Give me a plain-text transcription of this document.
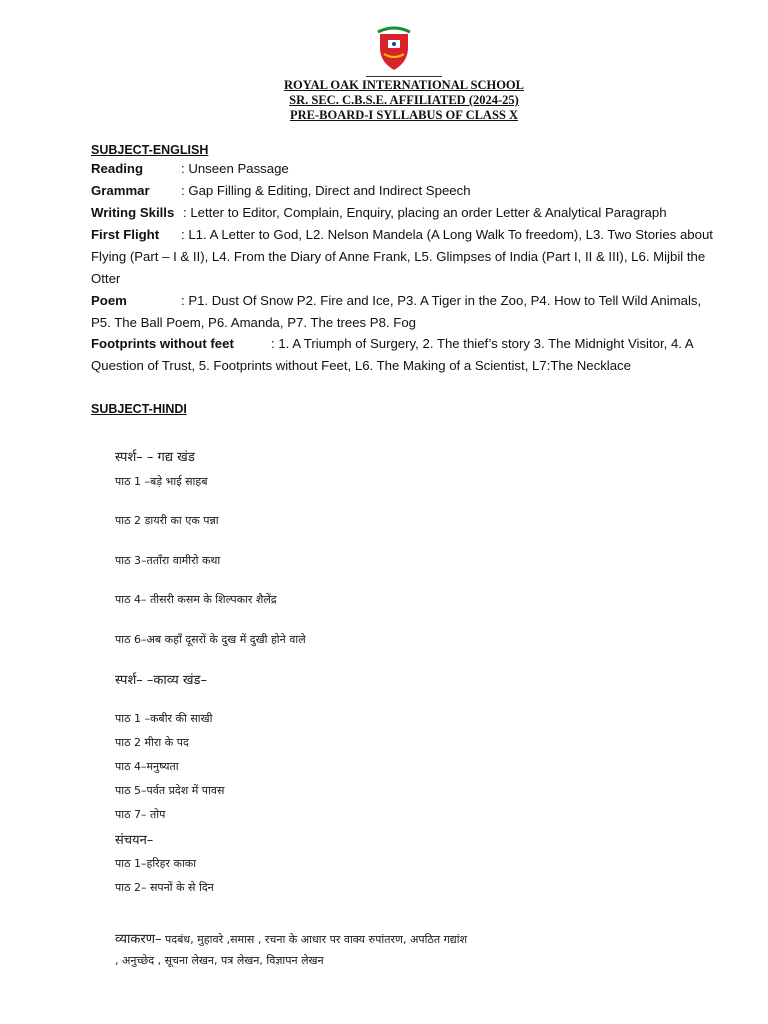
ROYAL OAK INTERNATIONAL SCHOOL
SR. SEC. C.B.S.E. AFFILIATED (2024-25)
PRE-BOARD-I SYLLABUS OF CLASS X
SUBJECT-ENGLISH
Reading	: Unseen Passage
Grammar : Gap Filling & Editing, Direct and Indirect Speech
Writing Skills : Letter to Editor, Complain, Enquiry, placing an order Letter & Analytical Paragraph
First Flight : L1. A Letter to God, L2. Nelson Mandela (A Long Walk To freedom), L3. Two Stories about Flying (Part – I & II), L4. From the Diary of Anne Frank, L5. Glimpses of India (Part I, II & III), L6. Mijbil the Otter
Poem	: P1. Dust Of Snow P2. Fire and Ice, P3. A Tiger in the Zoo, P4. How to Tell Wild Animals, P5. The Ball Poem, P6. Amanda, P7. The trees P8. Fog
Footprints without feet	: 1. A Triumph of Surgery, 2. The thief’s story 3. The Midnight Visitor, 4. A Question of Trust, 5. Footprints without Feet, L6. The Making of a Scientist, L7:The Necklace
SUBJECT-HINDI
स्पर्श– – गद्य खंड
पाठ 1 –बड़े भाई साहब
पाठ 2 डायरी का एक पन्ना
पाठ 3–तताँरा वामीरो कथा
पाठ 4– तीसरी कसम के शिल्पकार शैलेंद्र
पाठ 6–अब कहाँ दूसरों के दुख में दुखी होने वाले
स्पर्श– –काव्य खंड–
पाठ 1 –कबीर की साखी
पाठ 2 मीरा के पद
पाठ 4–मनुष्यता
पाठ 5–पर्वत प्रदेश में पावस
पाठ 7– तोप
संचयन–
पाठ 1–हरिहर काका
पाठ 2– सपनों के से दिन
व्याकरण– पदबंध, मुहावरे ,समास , रचना के आधार पर वाक्य रुपांतरण, अपठित गद्यांश
, अनुच्छेद , सूचना लेखन, पत्र लेखन, विज्ञापन लेखन
